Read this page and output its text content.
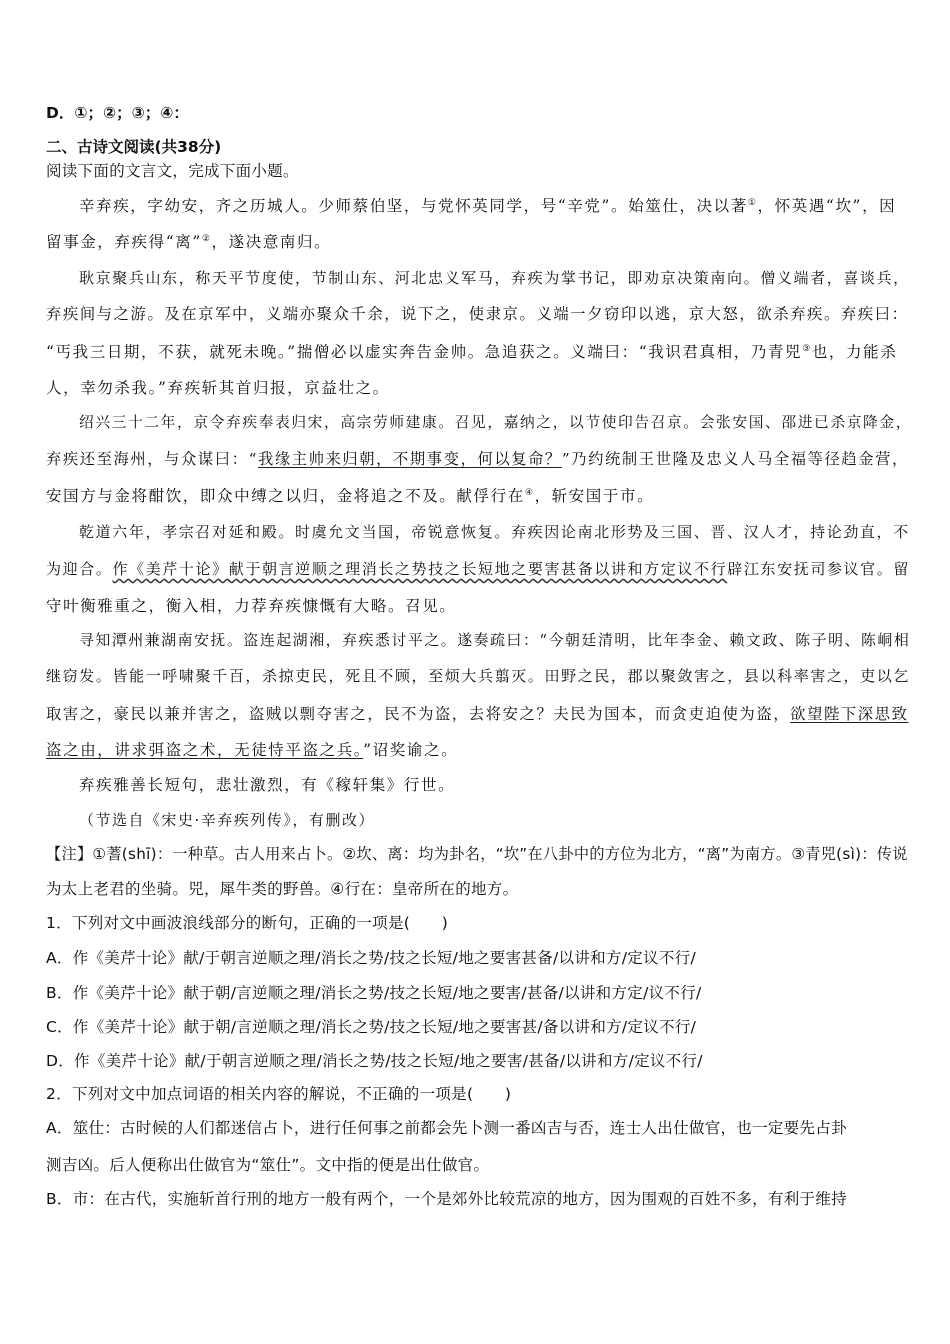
D．①；②；③；④：
二、古诗文阅读(共38分)
阅读下面的文言文，完成下面小题。
辛弃疾，字幼安，齐之历城人。少师蔡伯坚，与党怀英同学，号“辛党”。始筮仕，决以著①，怀英遇“坎”，因
留事金，弃疾得“离”②，遂决意南归。
耿京聚兵山东，称天平节度使，节制山东、河北忠义军马，弃疾为掌书记，即劝京决策南向。僧义端者，喜谈兵，
弃疾间与之游。及在京军中，义端亦聚众千余，说下之，使隶京。义端一夕窃印以逃，京大怒，欲杀弃疾。弃疾曰：
“丐我三日期，不获，就死未晚。”揣僧必以虚实奔告金帅。急追获之。义端曰：“我识君真相，乃青兕③也，力能杀
人，幸勿杀我。”弃疾斩其首归报，京益壮之。
绍兴三十二年，京令弃疾奉表归宋，高宗劳师建康。召见，嘉纳之，以节使印告召京。会张安国、邵进已杀京降金，
弃疾还至海州，与众谋曰：“我缘主帅来归朝，不期事变，何以复命？”乃约统制王世隆及忠义人马全福等径趋金营，
安国方与金将酣饮，即众中缚之以归，金将追之不及。献俘行在④，斩安国于市。
乾道六年，孝宗召对延和殿。时虞允文当国，帝锐意恢复。弃疾因论南北形势及三国、晋、汉人才，持论劲直，不
为迎合。作《美芹十论》献于朝言逆顺之理消长之势技之长短地之要害甚备以讲和方定议不行辟江东安抚司参议官。留
守叶衡雅重之，衡入相，力荐弃疾慷慨有大略。召见。
寻知潭州兼湖南安抚。盗连起湖湘，弃疾悉讨平之。遂奏疏曰：“今朝廷清明，比年李金、赖文政、陈子明、陈峒相
继窃发。皆能一呼啸聚千百，杀掠吏民，死且不顾，至烦大兵翦灭。田野之民，郡以聚敛害之，县以科率害之，吏以乞
取害之，豪民以兼并害之，盗贼以剽夺害之，民不为盗，去将安之？夫民为国本，而贪吏迫使为盗，欲望陛下深思致
盗之由，讲求弭盗之术，无徒恃平盗之兵。”诏奖谕之。
弃疾雅善长短句，悲壮激烈，有《稼轩集》行世。
（节选自《宋史·辛弃疾列传》，有删改）
【注】①蓍(shī)：一种草。古人用来占卜。②坎、离：均为卦名，“坎”在八卦中的方位为北方，“离”为南方。③青兕(sì)：传说
为太上老君的坐骑。兕，犀牛类的野兽。④行在：皇帝所在的地方。
1．下列对文中画波浪线部分的断句，正确的一项是(　　)
A．作《美芹十论》献/于朝言逆顺之理/消长之势/技之长短/地之要害甚备/以讲和方/定议不行/
B．作《美芹十论》献于朝/言逆顺之理/消长之势/技之长短/地之要害/甚备/以讲和方定/议不行/
C．作《美芹十论》献于朝/言逆顺之理/消长之势/技之长短/地之要害甚/备以讲和方/定议不行/
D．作《美芹十论》献/于朝言逆顺之理/消长之势/技之长短/地之要害/甚备/以讲和方/定议不行/
2．下列对文中加点词语的相关内容的解说，不正确的一项是(　　)
A．筮仕：古时候的人们都迷信占卜，进行任何事之前都会先卜测一番凶吉与否，连士人出仕做官，也一定要先占卦
测吉凶。后人便称出仕做官为“筮仕”。文中指的便是出仕做官。
B．市：在古代，实施斩首行刑的地方一般有两个，一个是郊外比较荒凉的地方，因为围观的百姓不多，有利于维持
